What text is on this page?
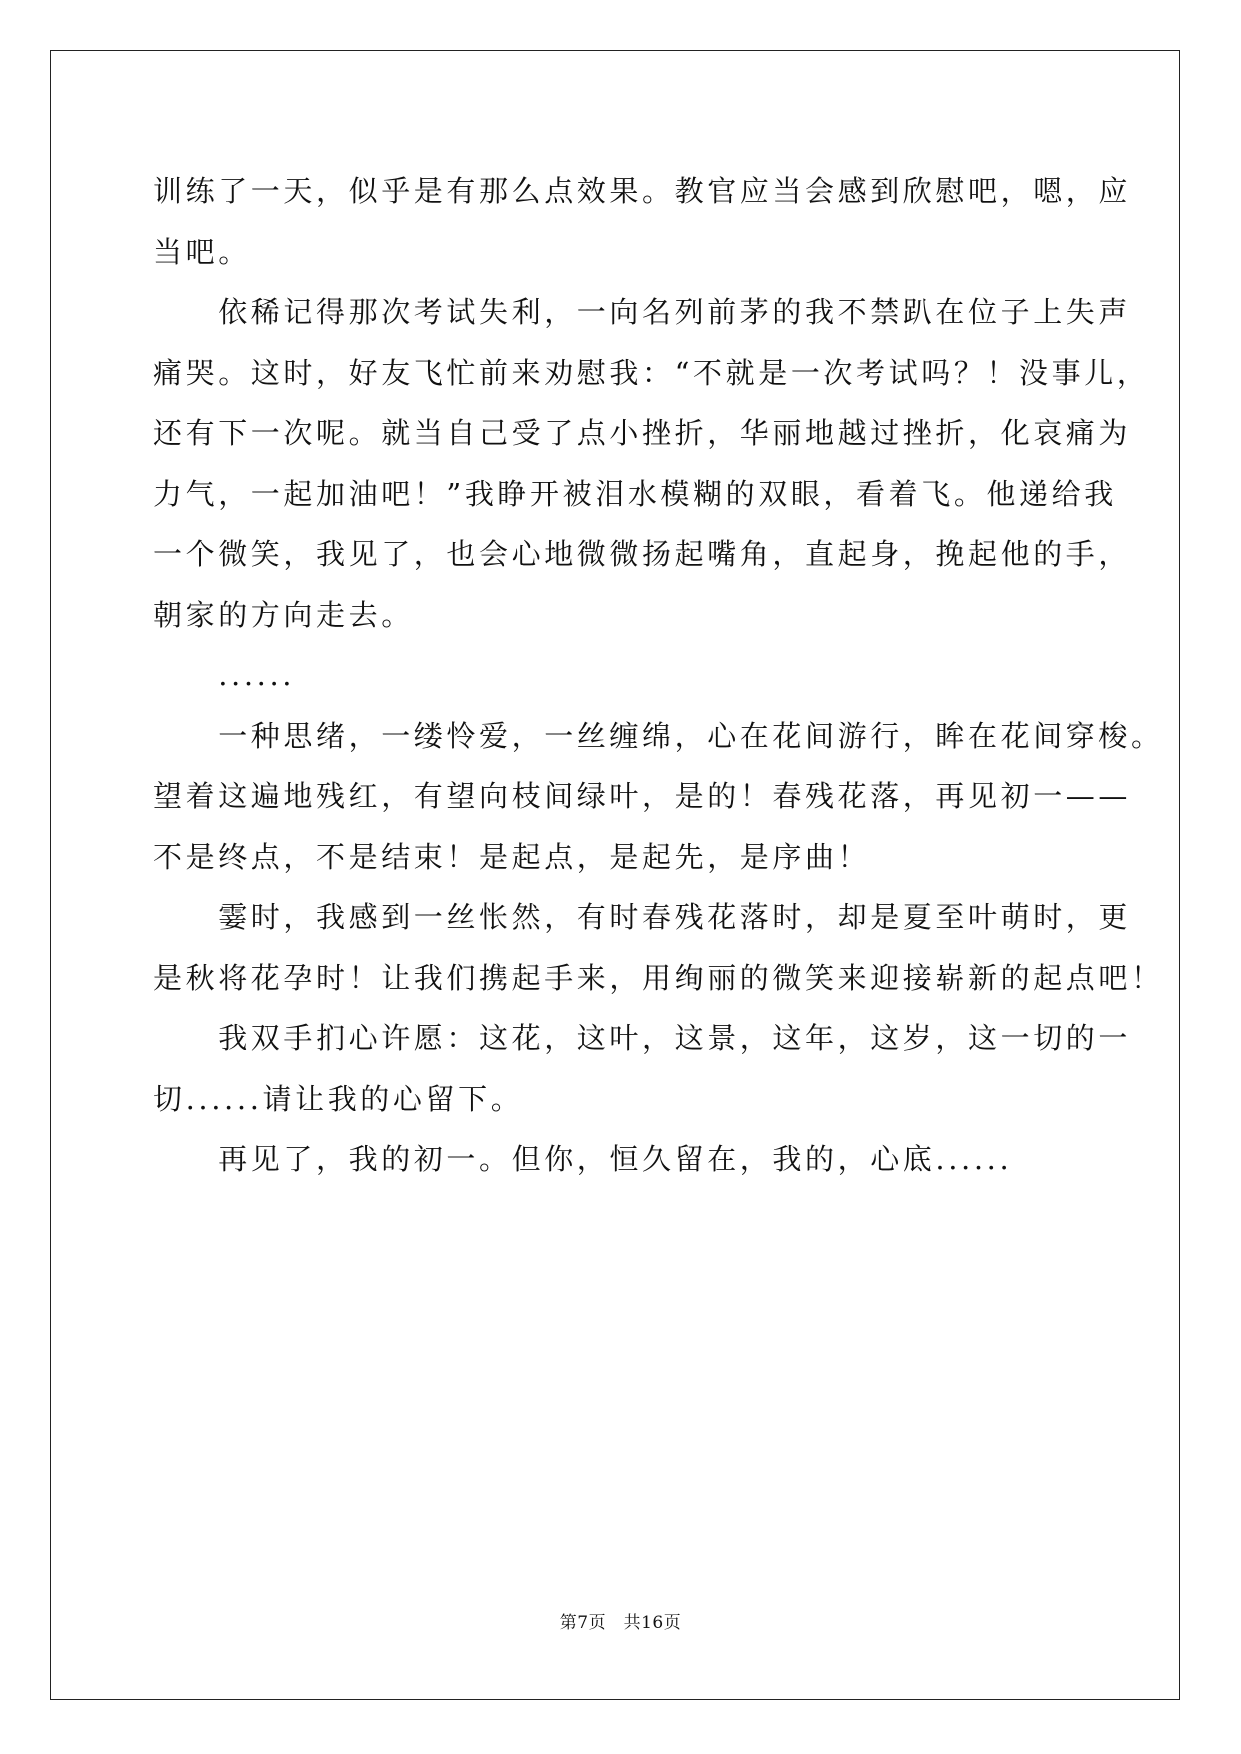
训练了一天，似乎是有那么点效果。教官应当会感到欣慰吧，嗯，应
当吧。

　　依稀记得那次考试失利，一向名列前茅的我不禁趴在位子上失声
痛哭。这时，好友飞忙前来劝慰我：“不就是一次考试吗？！没事儿，
还有下一次呢。就当自己受了点小挫折，华丽地越过挫折，化哀痛为
力气，一起加油吧！”我睁开被泪水模糊的双眼，看着飞。他递给我
一个微笑，我见了，也会心地微微扬起嘴角，直起身，挽起他的手，
朝家的方向走去。

　　......

　　一种思绪，一缕怜爱，一丝缠绵，心在花间游行，眸在花间穿梭。
望着这遍地残红，有望向枝间绿叶，是的！春残花落，再见初一——
不是终点，不是结束！是起点，是起先，是序曲！

　　霎时，我感到一丝怅然，有时春残花落时，却是夏至叶萌时，更
是秋将花孕时！让我们携起手来，用绚丽的微笑来迎接崭新的起点吧！

　　我双手扪心许愿：这花，这叶，这景，这年，这岁，这一切的一
切......请让我的心留下。

　　再见了，我的初一。但你，恒久留在，我的，心底......

第7页　共16页
